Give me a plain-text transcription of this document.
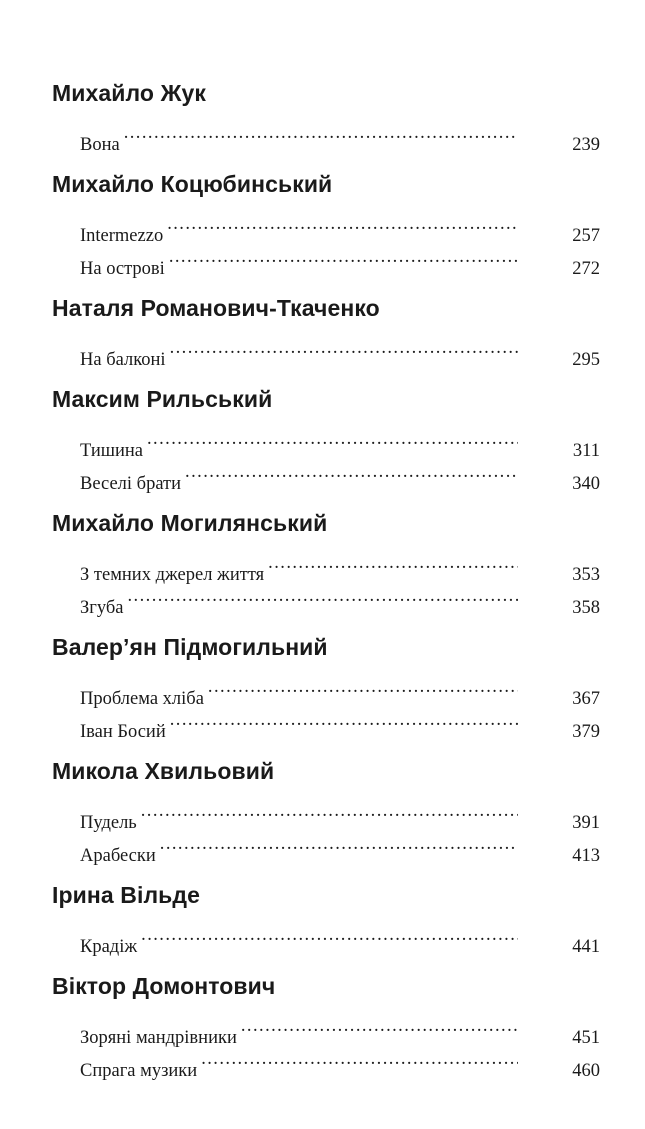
Михайло Жук
Вона . . .	239
Михайло Коцюбинський
Intermezzo . . .	257
На острові . . .	272
Наталя Романович-Ткаченко
На балконі . . .	295
Максим Рильський
Тишина . . .	311
Веселі брати . . .	340
Михайло Могилянський
З темних джерел життя . . .	353
Згуба . . .	358
Валер’ян Підмогильний
Проблема хліба . . .	367
Іван Босий . . .	379
Микола Хвильовий
Пудель . . .	391
Арабески . . .	413
Ірина Вільде
Крадіж . . .	441
Віктор Домонтович
Зоряні мандрівники . . .	451
Спрага музики . . .	460
